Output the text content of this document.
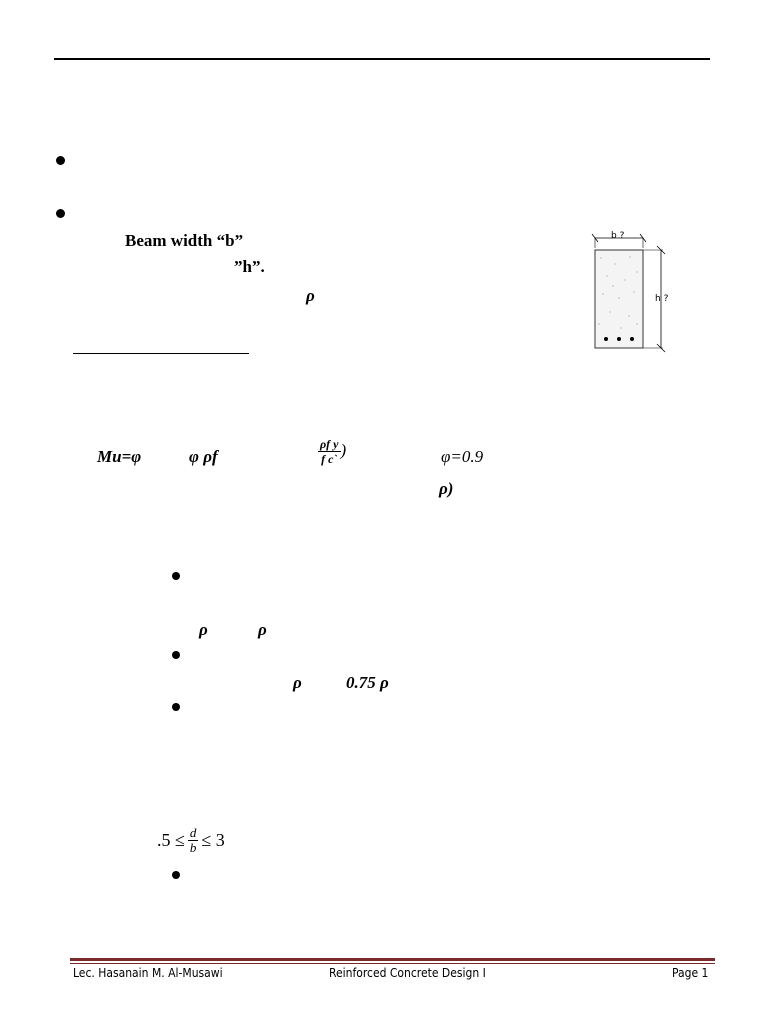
Beam width “b”
”h”.
ρ
b ?
h ?
Mu=φ	φ ρf	$\frac{\text{ρf y}}{\text{f c`}}$ )	φ=0.9
ρ)
ρ	ρ
ρ	0.75 ρ
$.5 \le \frac{d}{b} \le 3$
Lec. Hasanain M. Al-Musawi	Reinforced Concrete Design I	Page 1
